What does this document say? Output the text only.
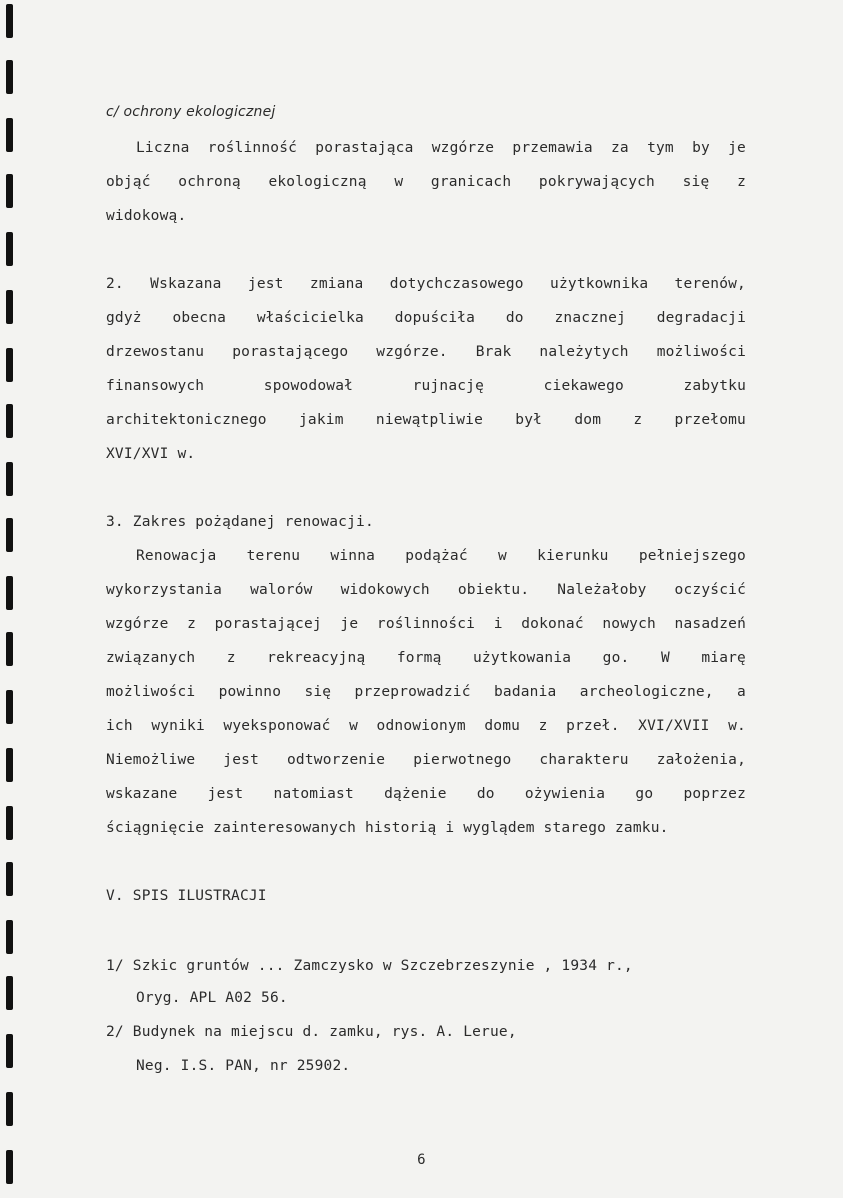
c/ ochrony ekologicznej
Liczna roślinność porastająca wzgórze przemawia za tym by je
objąć ochroną ekologiczną w granicach pokrywających się z
widokową.
2. Wskazana jest zmiana dotychczasowego użytkownika terenów,
gdyż obecna właścicielka dopuściła do znacznej degradacji
drzewostanu porastającego wzgórze. Brak należytych możliwości
finansowych spowodował rujnację ciekawego zabytku
architektonicznego jakim niewątpliwie był dom z przełomu
XVI/XVI w.
3. Zakres pożądanej renowacji.
Renowacja terenu winna podążać w kierunku pełniejszego
wykorzystania walorów widokowych obiektu. Należałoby oczyścić
wzgórze z porastającej je roślinności i dokonać nowych nasadzeń
związanych z rekreacyjną formą użytkowania go. W miarę
możliwości powinno się przeprowadzić badania archeologiczne, a
ich wyniki wyeksponować w odnowionym domu z przeł. XVI/XVII w.
Niemożliwe jest odtworzenie pierwotnego charakteru założenia,
wskazane jest natomiast dążenie do ożywienia go poprzez
ściągnięcie zainteresowanych historią i wyglądem starego zamku.
V. SPIS ILUSTRACJI
1/ Szkic gruntów ... Zamczysko w Szczebrzeszynie , 1934 r.,
Oryg. APL A02 56.
2/ Budynek na miejscu d. zamku, rys. A. Lerue,
Neg. I.S. PAN, nr 25902.
6
